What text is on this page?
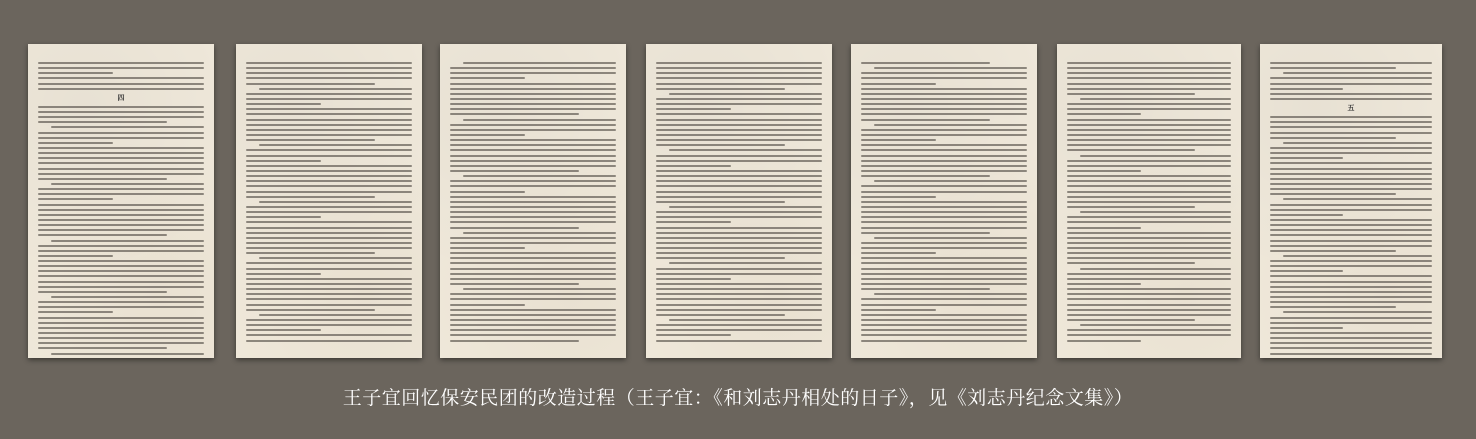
四
五
王子宜回忆保安民团的改造过程（王子宜：《和刘志丹相处的日子》，见《刘志丹纪念文集》）
